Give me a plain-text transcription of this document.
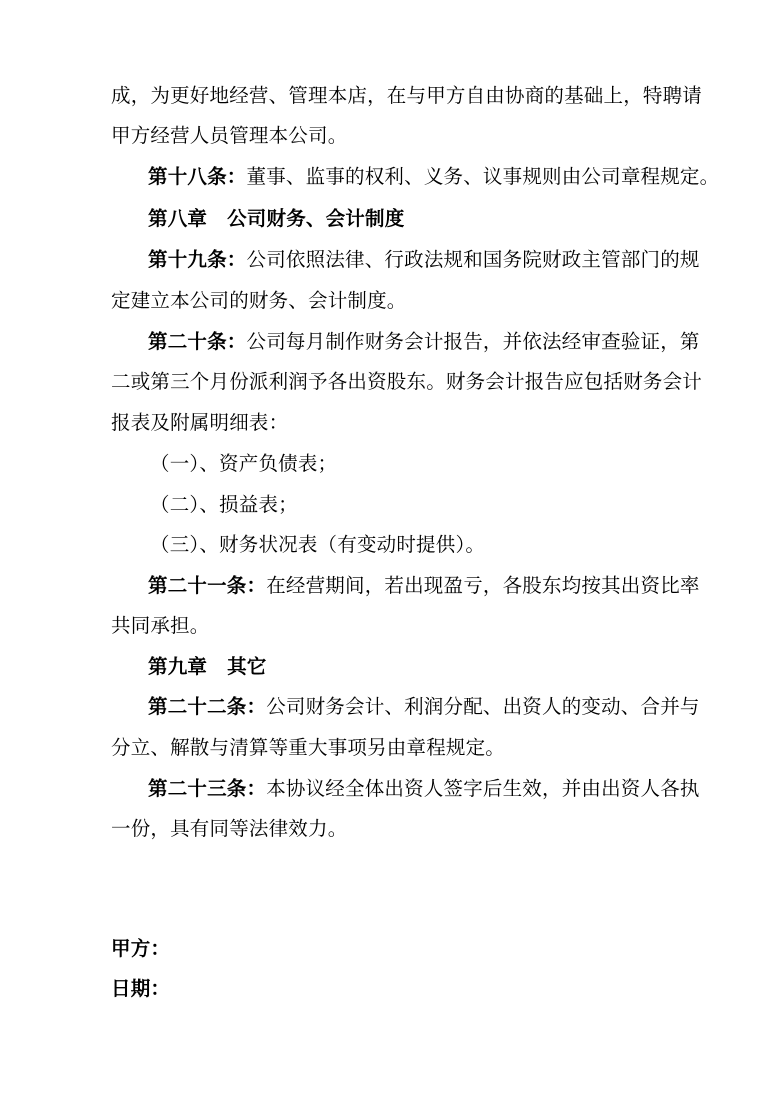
成，为更好地经营、管理本店，在与甲方自由协商的基础上，特聘请
甲方经营人员管理本公司。
第十八条：董事、监事的权利、义务、议事规则由公司章程规定。
第八章 公司财务、会计制度
第十九条：公司依照法律、行政法规和国务院财政主管部门的规
定建立本公司的财务、会计制度。
第二十条：公司每月制作财务会计报告，并依法经审查验证，第
二或第三个月份派利润予各出资股东。财务会计报告应包括财务会计
报表及附属明细表：
（一）、资产负债表；
（二）、损益表；
（三）、财务状况表（有变动时提供）。
第二十一条：在经营期间，若出现盈亏，各股东均按其出资比率
共同承担。
第九章 其它
第二十二条：公司财务会计、利润分配、出资人的变动、合并与
分立、解散与清算等重大事项另由章程规定。
第二十三条：本协议经全体出资人签字后生效，并由出资人各执
一份，具有同等法律效力。
甲方：
日期：
